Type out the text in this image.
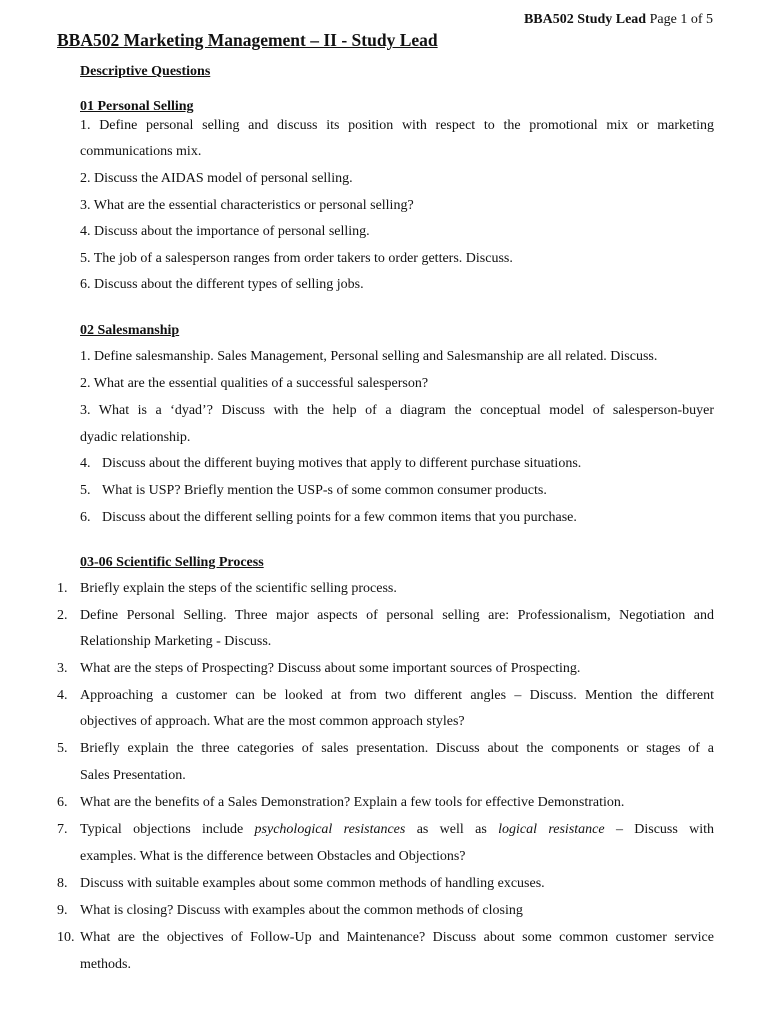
BBA502 Study Lead Page 1 of 5
BBA502 Marketing Management – II - Study Lead
Descriptive Questions
01 Personal Selling
1. Define personal selling and discuss its position with respect to the promotional mix or marketing
communications mix.
2. Discuss the AIDAS model of personal selling.
3. What are the essential characteristics or personal selling?
4. Discuss about the importance of personal selling.
5. The job of a salesperson ranges from order takers to order getters. Discuss.
6. Discuss about the different types of selling jobs.
02 Salesmanship
1. Define salesmanship. Sales Management, Personal selling and Salesmanship are all related. Discuss.
2. What are the essential qualities of a successful salesperson?
3. What is a ‘dyad’? Discuss with the help of a diagram the conceptual model of salesperson-buyer
dyadic relationship.
4. Discuss about the different buying motives that apply to different purchase situations.
5. What is USP? Briefly mention the USP-s of some common consumer products.
6. Discuss about the different selling points for a few common items that you purchase.
03-06 Scientific Selling Process
1. Briefly explain the steps of the scientific selling process.
2. Define Personal Selling. Three major aspects of personal selling are: Professionalism, Negotiation and
Relationship Marketing - Discuss.
3. What are the steps of Prospecting? Discuss about some important sources of Prospecting.
4. Approaching a customer can be looked at from two different angles – Discuss. Mention the different
objectives of approach. What are the most common approach styles?
5. Briefly explain the three categories of sales presentation. Discuss about the components or stages of a
Sales Presentation.
6. What are the benefits of a Sales Demonstration? Explain a few tools for effective Demonstration.
7. Typical objections include psychological resistances as well as logical resistance – Discuss with
examples. What is the difference between Obstacles and Objections?
8. Discuss with suitable examples about some common methods of handling excuses.
9. What is closing? Discuss with examples about the common methods of closing
10. What are the objectives of Follow-Up and Maintenance? Discuss about some common customer service
methods.
